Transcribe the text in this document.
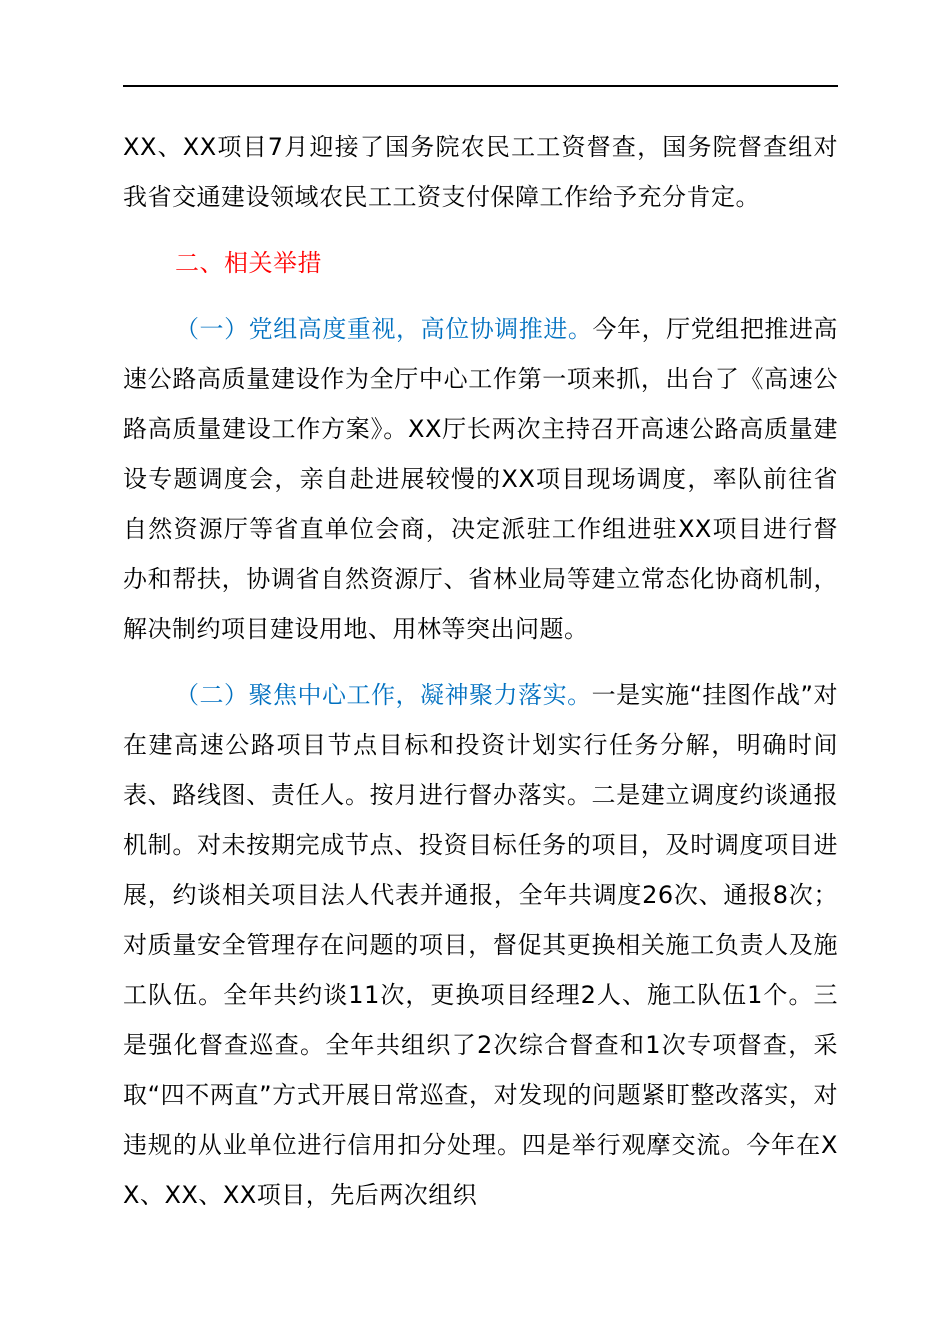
XX、XX项目7月迎接了国务院农民工工资督查，国务院督查组对我省交通建设领域农民工工资支付保障工作给予充分肯定。

二、相关举措

（一）党组高度重视，高位协调推进。今年，厅党组把推进高速公路高质量建设作为全厅中心工作第一项来抓，出台了《高速公路高质量建设工作方案》。XX厅长两次主持召开高速公路高质量建设专题调度会，亲自赴进展较慢的XX项目现场调度，率队前往省自然资源厅等省直单位会商，决定派驻工作组进驻XX项目进行督办和帮扶，协调省自然资源厅、省林业局等建立常态化协商机制，解决制约项目建设用地、用林等突出问题。

（二）聚焦中心工作，凝神聚力落实。一是实施“挂图作战”对在建高速公路项目节点目标和投资计划实行任务分解，明确时间表、路线图、责任人。按月进行督办落实。二是建立调度约谈通报机制。对未按期完成节点、投资目标任务的项目，及时调度项目进展，约谈相关项目法人代表并通报，全年共调度26次、通报8次；对质量安全管理存在问题的项目，督促其更换相关施工负责人及施工队伍。全年共约谈11次，更换项目经理2人、施工队伍1个。三是强化督查巡查。全年共组织了2次综合督查和1次专项督查，采取“四不两直”方式开展日常巡查，对发现的问题紧盯整改落实，对违规的从业单位进行信用扣分处理。四是举行观摩交流。今年在XX、XX、XX项目，先后两次组织
